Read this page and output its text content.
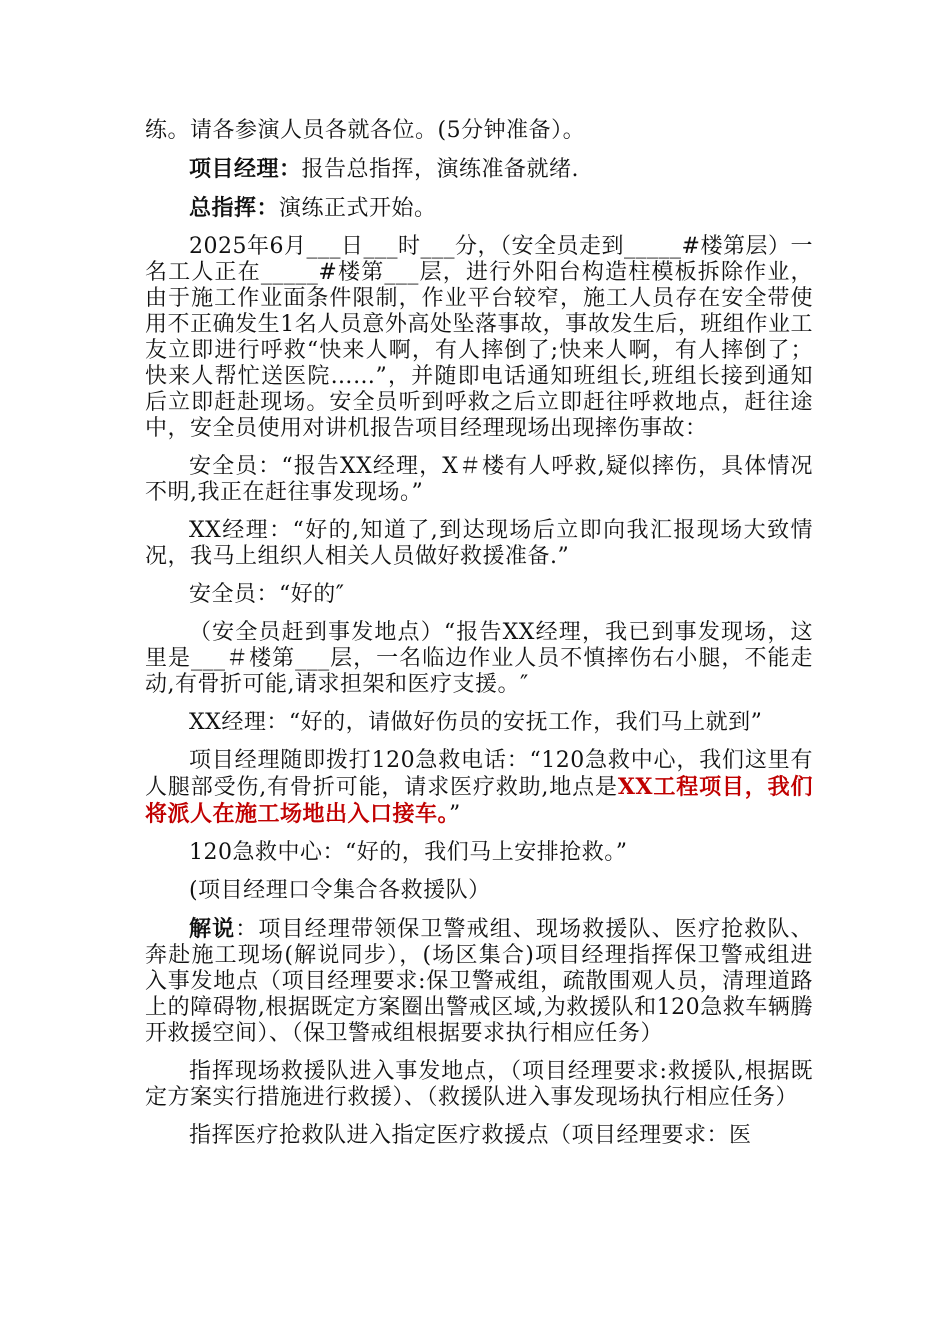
练。请各参演人员各就各位。(5分钟准备）。

项目经理：报告总指挥，演练准备就绪.

总指挥：演练正式开始。

2025年6月___日___时___分，（安全员走到_____#楼第层）一名工人正在_____#楼第___层，进行外阳台构造柱模板拆除作业，由于施工作业面条件限制，作业平台较窄，施工人员存在安全带使用不正确发生1名人员意外高处坠落事故，事故发生后，班组作业工友立即进行呼救“快来人啊，有人摔倒了;快来人啊，有人摔倒了；快来人帮忙送医院……”，并随即电话通知班组长,班组长接到通知后立即赶赴现场。安全员听到呼救之后立即赶往呼救地点，赶往途中，安全员使用对讲机报告项目经理现场出现摔伤事故：

安全员：“报告XX经理，X＃楼有人呼救,疑似摔伤，具体情况不明,我正在赶往事发现场。”

XX经理：“好的,知道了,到达现场后立即向我汇报现场大致情况，我马上组织人相关人员做好救援准备.”

安全员：“好的″

（安全员赶到事发地点）“报告XX经理，我已到事发现场，这里是___＃楼第___层，一名临边作业人员不慎摔伤右小腿，不能走动,有骨折可能,请求担架和医疗支援。″

XX经理：“好的，请做好伤员的安抚工作，我们马上就到”

项目经理随即拨打120急救电话：“120急救中心，我们这里有人腿部受伤,有骨折可能，请求医疗救助,地点是XX工程项目，我们将派人在施工场地出入口接车。”

120急救中心：“好的，我们马上安排抢救。”

(项目经理口令集合各救援队）

解说：项目经理带领保卫警戒组、现场救援队、医疗抢救队、奔赴施工现场(解说同步），(场区集合)项目经理指挥保卫警戒组进入事发地点（项目经理要求:保卫警戒组，疏散围观人员，清理道路上的障碍物,根据既定方案圈出警戒区域,为救援队和120急救车辆腾开救援空间）、（保卫警戒组根据要求执行相应任务）

指挥现场救援队进入事发地点，（项目经理要求:救援队,根据既定方案实行措施进行救援）、（救援队进入事发现场执行相应任务）

指挥医疗抢救队进入指定医疗救援点（项目经理要求：医
